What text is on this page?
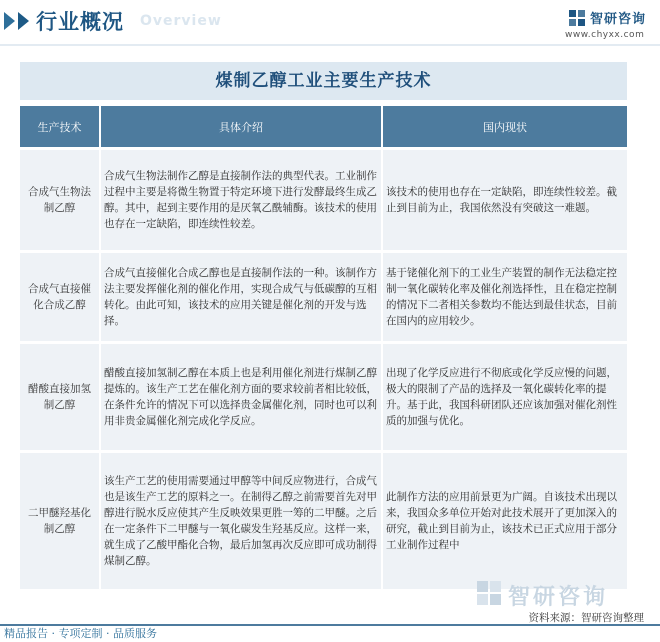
Overview
行业概况	智研咨询
www.chyxx.com
煤制乙醇工业主要生产技术
生产技术	具体介绍	国内现状
合成气生物法制乙醇	合成气生物法制作乙醇是直接制作法的典型代表。工业制作过程中主要是将微生物置于特定环境下进行发酵最终生成乙醇。其中，起到主要作用的是厌氧乙酰辅酶。该技术的使用也存在一定缺陷，即连续性较差。	该技术的使用也存在一定缺陷，即连续性较差。截止到目前为止，我国依然没有突破这一难题。
合成气直接催化合成乙醇	合成气直接催化合成乙醇也是直接制作法的一种。该制作方法主要发挥催化剂的催化作用，实现合成气与低碳醇的互相转化。由此可知，该技术的应用关键是催化剂的开发与选择。	基于铑催化剂下的工业生产装置的制作无法稳定控制一氧化碳转化率及催化剂选择性，且在稳定控制的情况下二者相关参数均不能达到最佳状态，目前在国内的应用较少。
醋酸直接加氢制乙醇	醋酸直接加氢制乙醇在本质上也是利用催化剂进行煤制乙醇提炼的。该生产工艺在催化剂方面的要求较前者相比较低，在条件允许的情况下可以选择贵金属催化剂，同时也可以利用非贵金属催化剂完成化学反应。	出现了化学反应进行不彻底或化学反应慢的问题，极大的限制了产品的选择及一氧化碳转化率的提升。基于此，我国科研团队还应该加强对催化剂性质的加强与优化。
二甲醚羟基化制乙醇	该生产工艺的使用需要通过甲醇等中间反应物进行，合成气也是该生产工艺的原料之一。在制得乙醇之前需要首先对甲醇进行脱水反应使其产生反映效果更胜一筹的二甲醚。之后在一定条件下二甲醚与一氧化碳发生羟基反应。这样一来，就生成了乙酸甲酯化合物，最后加氢再次反应即可成功制得煤制乙醇。	此制作方法的应用前景更为广阔。自该技术出现以来，我国众多单位开始对此技术展开了更加深入的研究，截止到目前为止，该技术已正式应用于部分工业制作过程中
智研咨询
资料来源：智研咨询整理
精品报告 · 专项定制 · 品质服务
